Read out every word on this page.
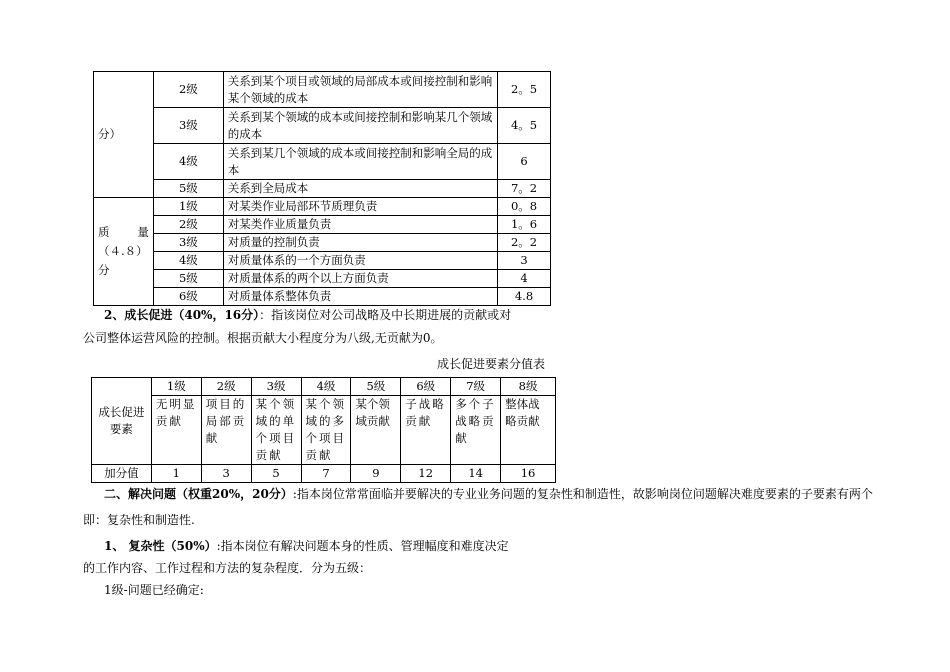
分）	2级	关系到某个项目或领域的局部成本或间接控制和影响某个领域的成本	2。5
	3级	关系到某个领域的成本或间接控制和影响某几个领域的成本	4。5
	4级	关系到某几个领域的成本或间接控制和影响全局的成本	6
	5级	关系到全局成本	7。2

质　　量
（４.８）
分	1级	对某类作业局部环节质理负责	0。8
	2级	对某类作业质量负责	1。6
	3级	对质量的控制负责	2。2
	4级	对质量体系的一个方面负责	3
	5级	对质量体系的两个以上方面负责	4
	6级	对质量体系整体负责	4.8

2、成长促进（40%，16分）：指该岗位对公司战略及中长期进展的贡献或对

公司整体运营风险的控制。根据贡献大小程度分为八级,无贡献为0。

成长促进要素分值表

成长促进要素	1级	2级	3级	4级	5级	6级	7级	8级
	无明显贡献	项目的局部贡献	某个领域的单个项目贡献	某个领域的多个项目贡献	某个领域贡献	子战略贡献	多个子战略贡献	整体战略贡献
加分值	1	3	5	7	9	12	14	16

二、解决问题（权重20%，20分）:指本岗位常常面临并要解决的专业业务问题的复杂性和制造性，故影响岗位问题解决难度要素的子要素有两个

即：复杂性和制造性.

1、 复杂性（50%）:指本岗位有解决问题本身的性质、管理幅度和难度决定

的工作内容、工作过程和方法的复杂程度．分为五级：

1级-问题已经确定:
